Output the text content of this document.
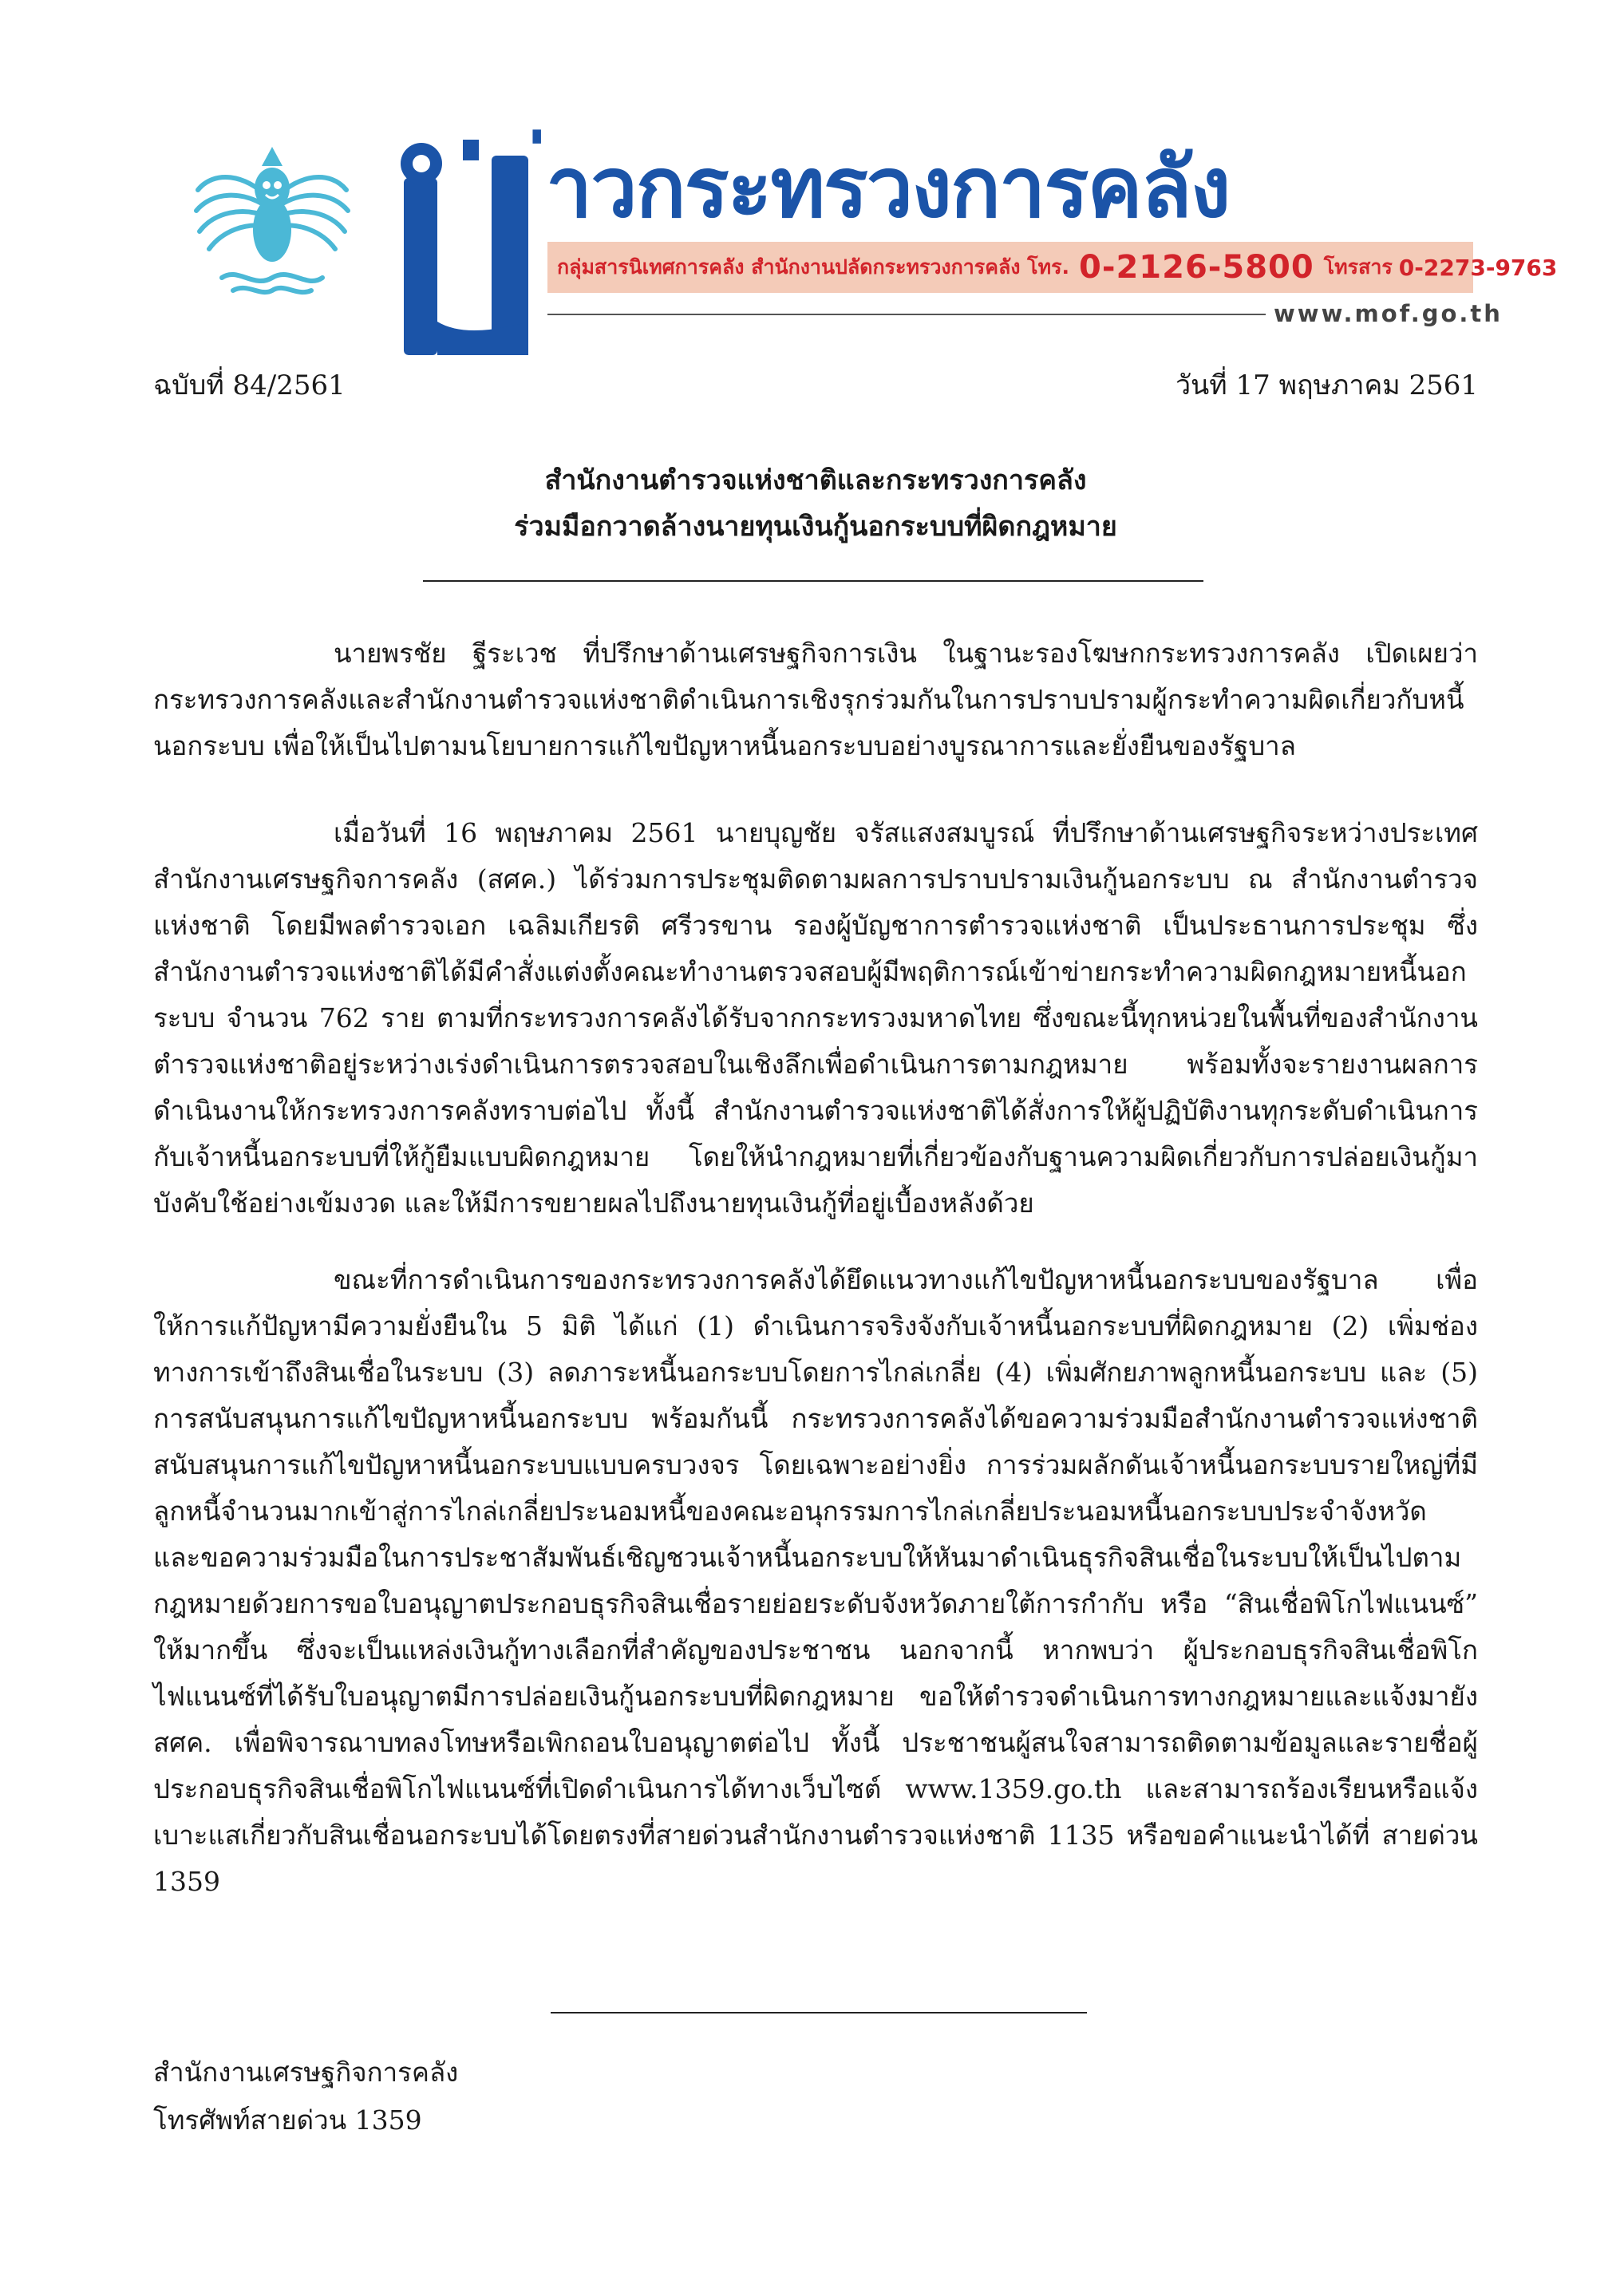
่าวกระทรวงการคลัง
กลุ่มสารนิเทศการคลัง สำนักงานปลัดกระทรวงการคลัง โทร. 0-2126-5800 โทรสาร 0-2273-9763
www.mof.go.th
ฉบับที่ 84/2561	วันที่ 17 พฤษภาคม 2561
สำนักงานตำรวจแห่งชาติและกระทรวงการคลัง
ร่วมมือกวาดล้างนายทุนเงินกู้นอกระบบที่ผิดกฎหมาย

นายพรชัย ฐีระเวช ที่ปรึกษาด้านเศรษฐกิจการเงิน ในฐานะรองโฆษกกระทรวงการคลัง เปิดเผยว่า กระทรวงการคลังและสำนักงานตำรวจแห่งชาติดำเนินการเชิงรุกร่วมกันในการปราบปรามผู้กระทำความผิดเกี่ยวกับหนี้นอกระบบ เพื่อให้เป็นไปตามนโยบายการแก้ไขปัญหาหนี้นอกระบบอย่างบูรณาการและยั่งยืนของรัฐบาล

เมื่อวันที่ 16 พฤษภาคม 2561 นายบุญชัย จรัสแสงสมบูรณ์ ที่ปรึกษาด้านเศรษฐกิจระหว่างประเทศ สำนักงานเศรษฐกิจการคลัง (สศค.) ได้ร่วมการประชุมติดตามผลการปราบปรามเงินกู้นอกระบบ ณ สำนักงานตำรวจแห่งชาติ โดยมีพลตำรวจเอก เฉลิมเกียรติ ศรีวรขาน รองผู้บัญชาการตำรวจแห่งชาติ เป็นประธานการประชุม ซึ่งสำนักงานตำรวจแห่งชาติได้มีคำสั่งแต่งตั้งคณะทำงานตรวจสอบผู้มีพฤติการณ์เข้าข่ายกระทำความผิดกฎหมายหนี้นอกระบบ จำนวน 762 ราย ตามที่กระทรวงการคลังได้รับจากกระทรวงมหาดไทย ซึ่งขณะนี้ทุกหน่วยในพื้นที่ของสำนักงานตำรวจแห่งชาติอยู่ระหว่างเร่งดำเนินการตรวจสอบในเชิงลึกเพื่อดำเนินการตามกฎหมาย พร้อมทั้งจะรายงานผลการดำเนินงานให้กระทรวงการคลังทราบต่อไป ทั้งนี้ สำนักงานตำรวจแห่งชาติได้สั่งการให้ผู้ปฏิบัติงานทุกระดับดำเนินการกับเจ้าหนี้นอกระบบที่ให้กู้ยืมแบบผิดกฎหมาย โดยให้นำกฎหมายที่เกี่ยวข้องกับฐานความผิดเกี่ยวกับการปล่อยเงินกู้มาบังคับใช้อย่างเข้มงวด และให้มีการขยายผลไปถึงนายทุนเงินกู้ที่อยู่เบื้องหลังด้วย

ขณะที่การดำเนินการของกระทรวงการคลังได้ยึดแนวทางแก้ไขปัญหาหนี้นอกระบบของรัฐบาล เพื่อให้การแก้ปัญหามีความยั่งยืนใน 5 มิติ ได้แก่ (1) ดำเนินการจริงจังกับเจ้าหนี้นอกระบบที่ผิดกฎหมาย (2) เพิ่มช่องทางการเข้าถึงสินเชื่อในระบบ (3) ลดภาระหนี้นอกระบบโดยการไกล่เกลี่ย (4) เพิ่มศักยภาพลูกหนี้นอกระบบ และ (5) การสนับสนุนการแก้ไขปัญหาหนี้นอกระบบ พร้อมกันนี้ กระทรวงการคลังได้ขอความร่วมมือสำนักงานตำรวจแห่งชาติสนับสนุนการแก้ไขปัญหาหนี้นอกระบบแบบครบวงจร โดยเฉพาะอย่างยิ่ง การร่วมผลักดันเจ้าหนี้นอกระบบรายใหญ่ที่มีลูกหนี้จำนวนมากเข้าสู่การไกล่เกลี่ยประนอมหนี้ของคณะอนุกรรมการไกล่เกลี่ยประนอมหนี้นอกระบบประจำจังหวัด และขอความร่วมมือในการประชาสัมพันธ์เชิญชวนเจ้าหนี้นอกระบบให้หันมาดำเนินธุรกิจสินเชื่อในระบบให้เป็นไปตามกฎหมายด้วยการขอใบอนุญาตประกอบธุรกิจสินเชื่อรายย่อยระดับจังหวัดภายใต้การกำกับ หรือ “สินเชื่อพิโกไฟแนนซ์” ให้มากขึ้น ซึ่งจะเป็นแหล่งเงินกู้ทางเลือกที่สำคัญของประชาชน นอกจากนี้ หากพบว่า ผู้ประกอบธุรกิจสินเชื่อพิโกไฟแนนซ์ที่ได้รับใบอนุญาตมีการปล่อยเงินกู้นอกระบบที่ผิดกฎหมาย ขอให้ตำรวจดำเนินการทางกฎหมายและแจ้งมายัง สศค. เพื่อพิจารณาบทลงโทษหรือเพิกถอนใบอนุญาตต่อไป ทั้งนี้ ประชาชนผู้สนใจสามารถติดตามข้อมูลและรายชื่อผู้ประกอบธุรกิจสินเชื่อพิโกไฟแนนซ์ที่เปิดดำเนินการได้ทางเว็บไซต์ www.1359.go.th และสามารถร้องเรียนหรือแจ้งเบาะแสเกี่ยวกับสินเชื่อนอกระบบได้โดยตรงที่สายด่วนสำนักงานตำรวจแห่งชาติ 1135 หรือขอคำแนะนำได้ที่ สายด่วน 1359

สำนักงานเศรษฐกิจการคลัง
โทรศัพท์สายด่วน 1359
